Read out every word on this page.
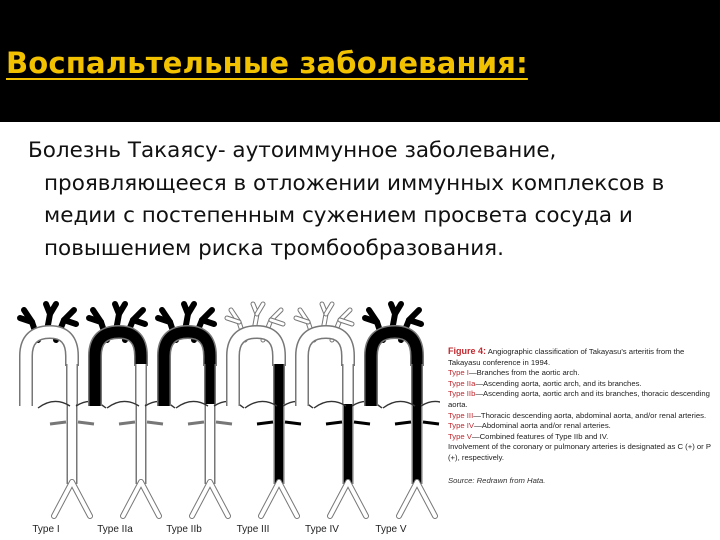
Воспальтельные заболевания:

Болезнь Такаясу- аутоиммунное заболевание, проявляющееся в отложении иммунных комплексов в медии с постепенным сужением просвета сосуда и повышением риска тромбообразования.

Type I	Type IIa	Type IIb	Type III	Type IV	Type V

Figure 4: Angiographic classification of Takayasu's arteritis from the Takayasu conference in 1994.

Type I—Branches from the aortic arch.

Type IIa—Ascending aorta, aortic arch, and its branches.

Type IIb—Ascending aorta, aortic arch and its branches, thoracic descending aorta.

Type III—Thoracic descending aorta, abdominal aorta, and/or renal arteries.

Type IV—Abdominal aorta and/or renal arteries.

Type V—Combined features of Type IIb and IV.

Involvement of the coronary or pulmonary arteries is designated as C (+) or P (+), respectively.

Source: Redrawn from Hata.
